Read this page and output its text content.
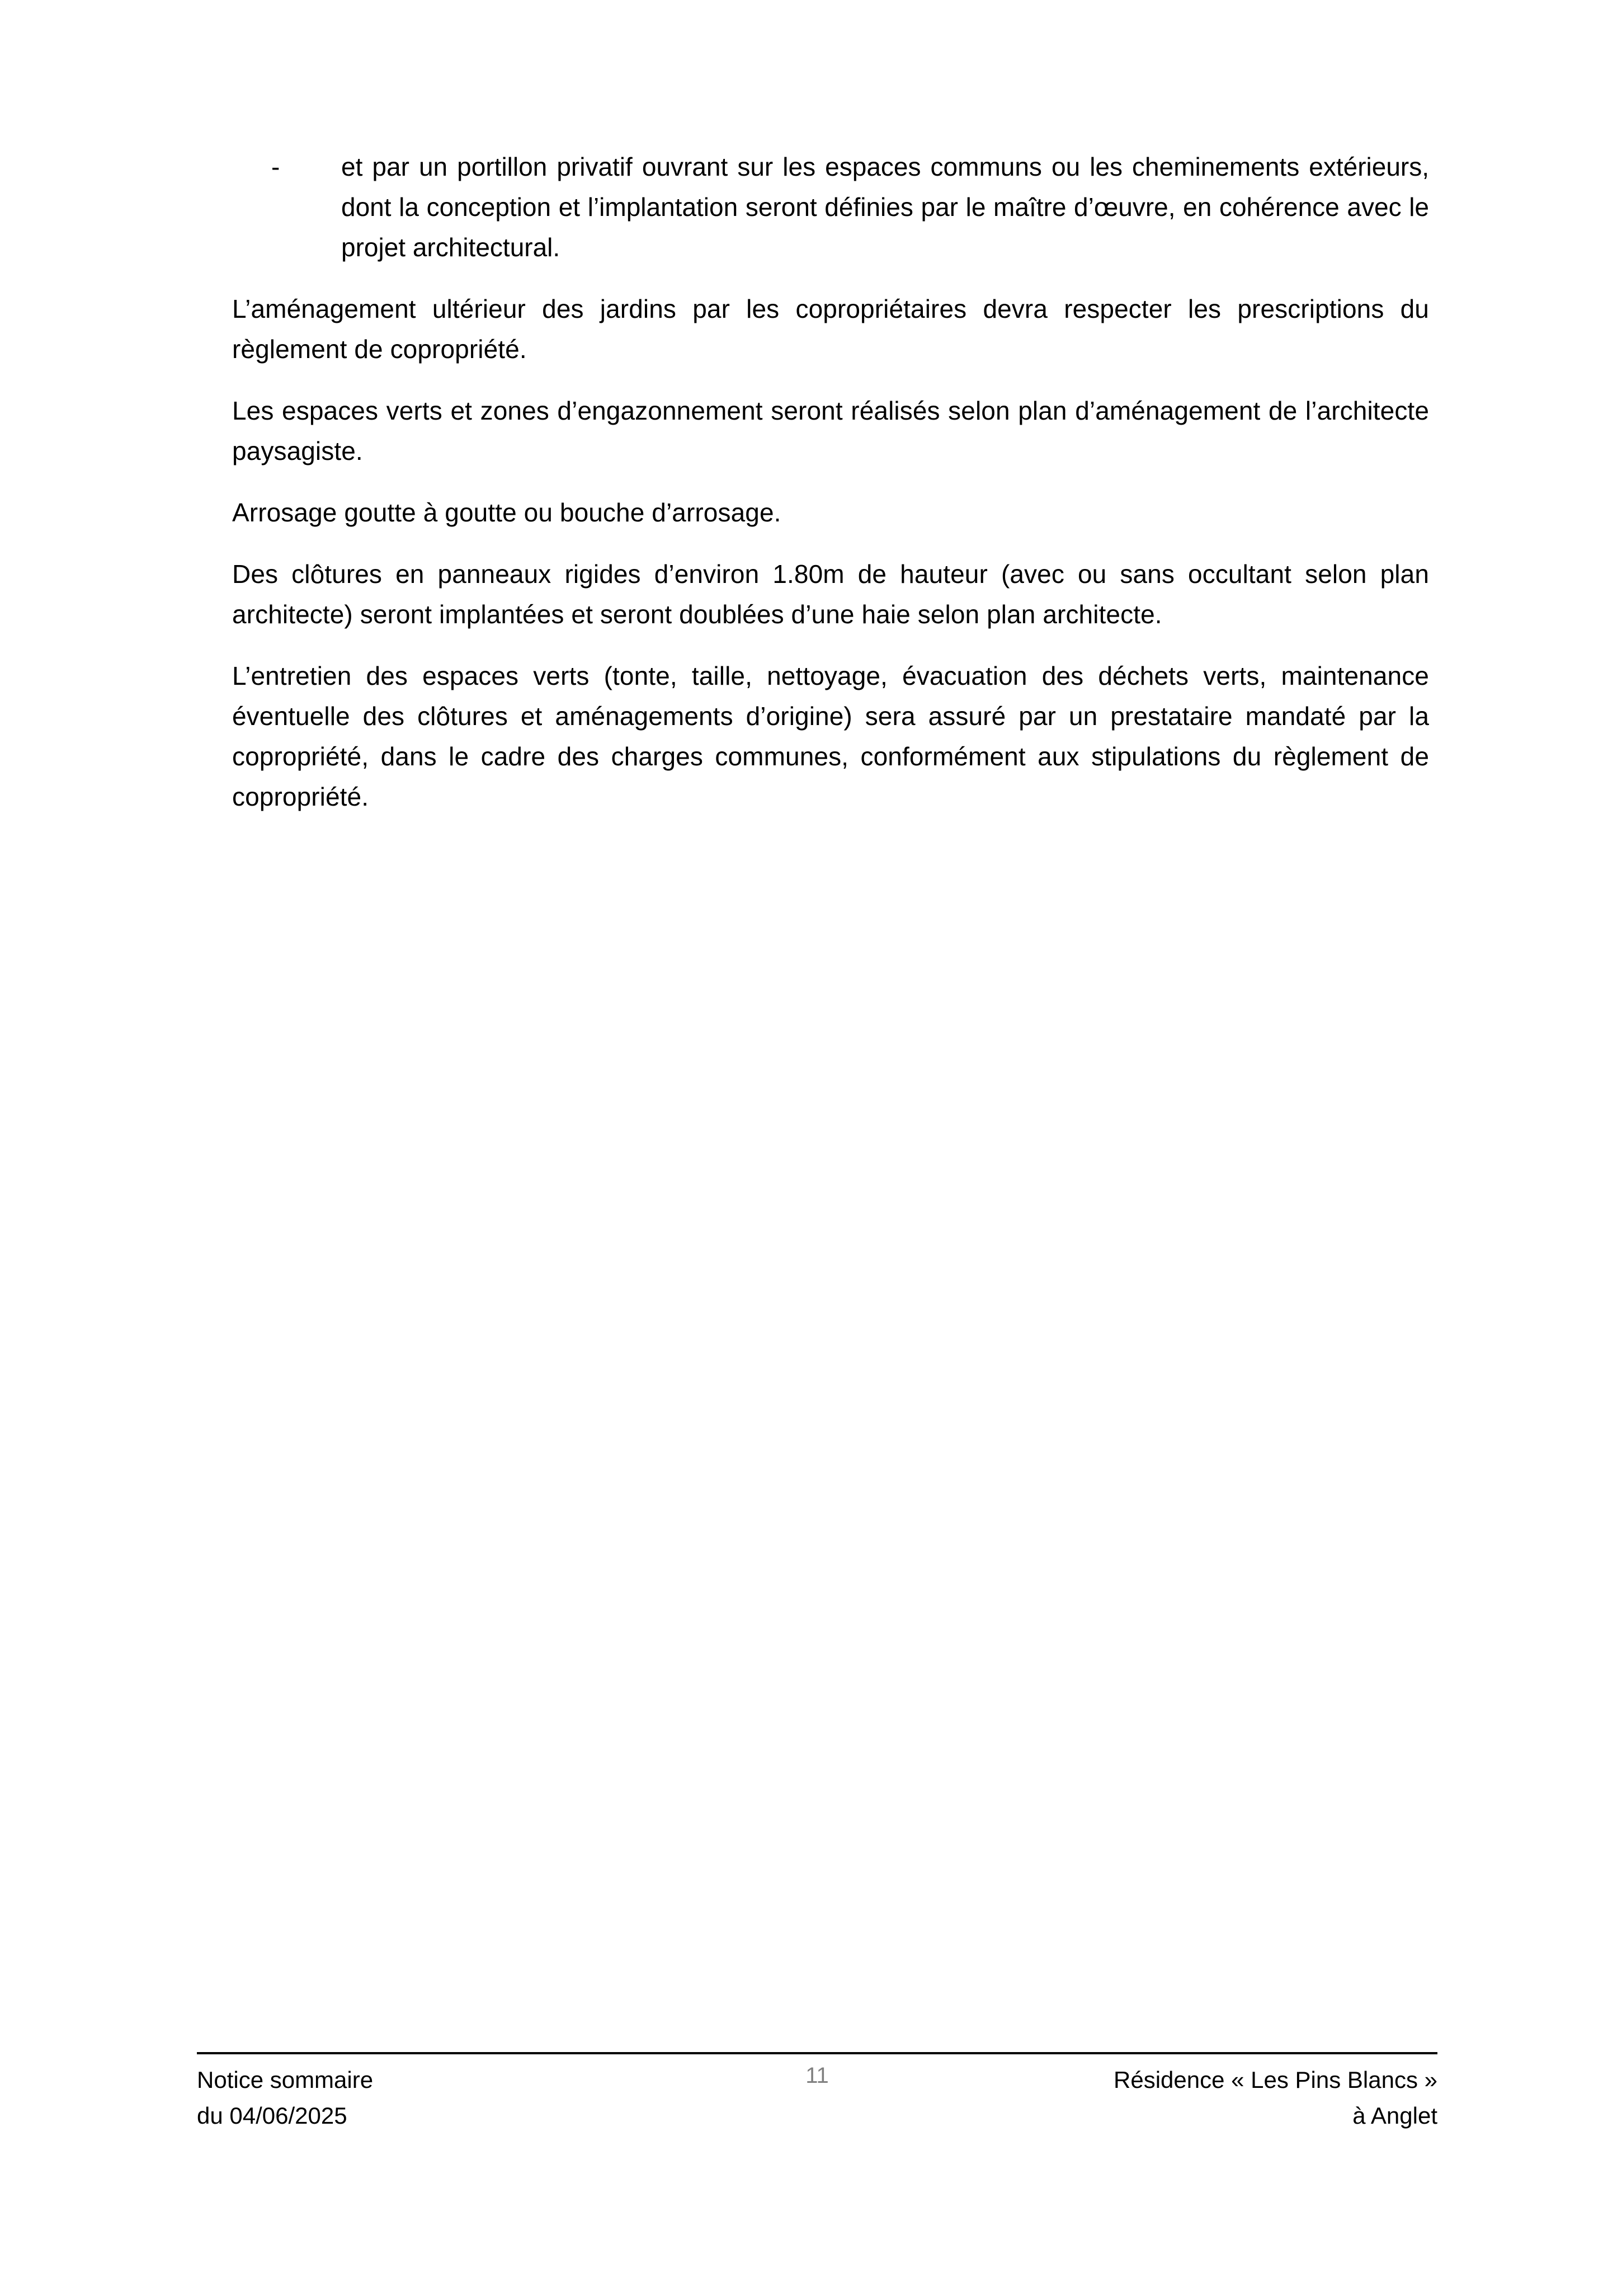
- et par un portillon privatif ouvrant sur les espaces communs ou les cheminements extérieurs, dont la conception et l’implantation seront définies par le maître d’œuvre, en cohérence avec le projet architectural.

L’aménagement ultérieur des jardins par les copropriétaires devra respecter les prescriptions du règlement de copropriété.

Les espaces verts et zones d’engazonnement seront réalisés selon plan d’aménagement de l’architecte paysagiste.

Arrosage goutte à goutte ou bouche d’arrosage.

Des clôtures en panneaux rigides d’environ 1.80m de hauteur (avec ou sans occultant selon plan architecte) seront implantées et seront doublées d’une haie selon plan architecte.

L’entretien des espaces verts (tonte, taille, nettoyage, évacuation des déchets verts, maintenance éventuelle des clôtures et aménagements d’origine) sera assuré par un prestataire mandaté par la copropriété, dans le cadre des charges communes, conformément aux stipulations du règlement de copropriété.

Notice sommaire
du 04/06/2025
11	Résidence « Les Pins Blancs »
à Anglet
